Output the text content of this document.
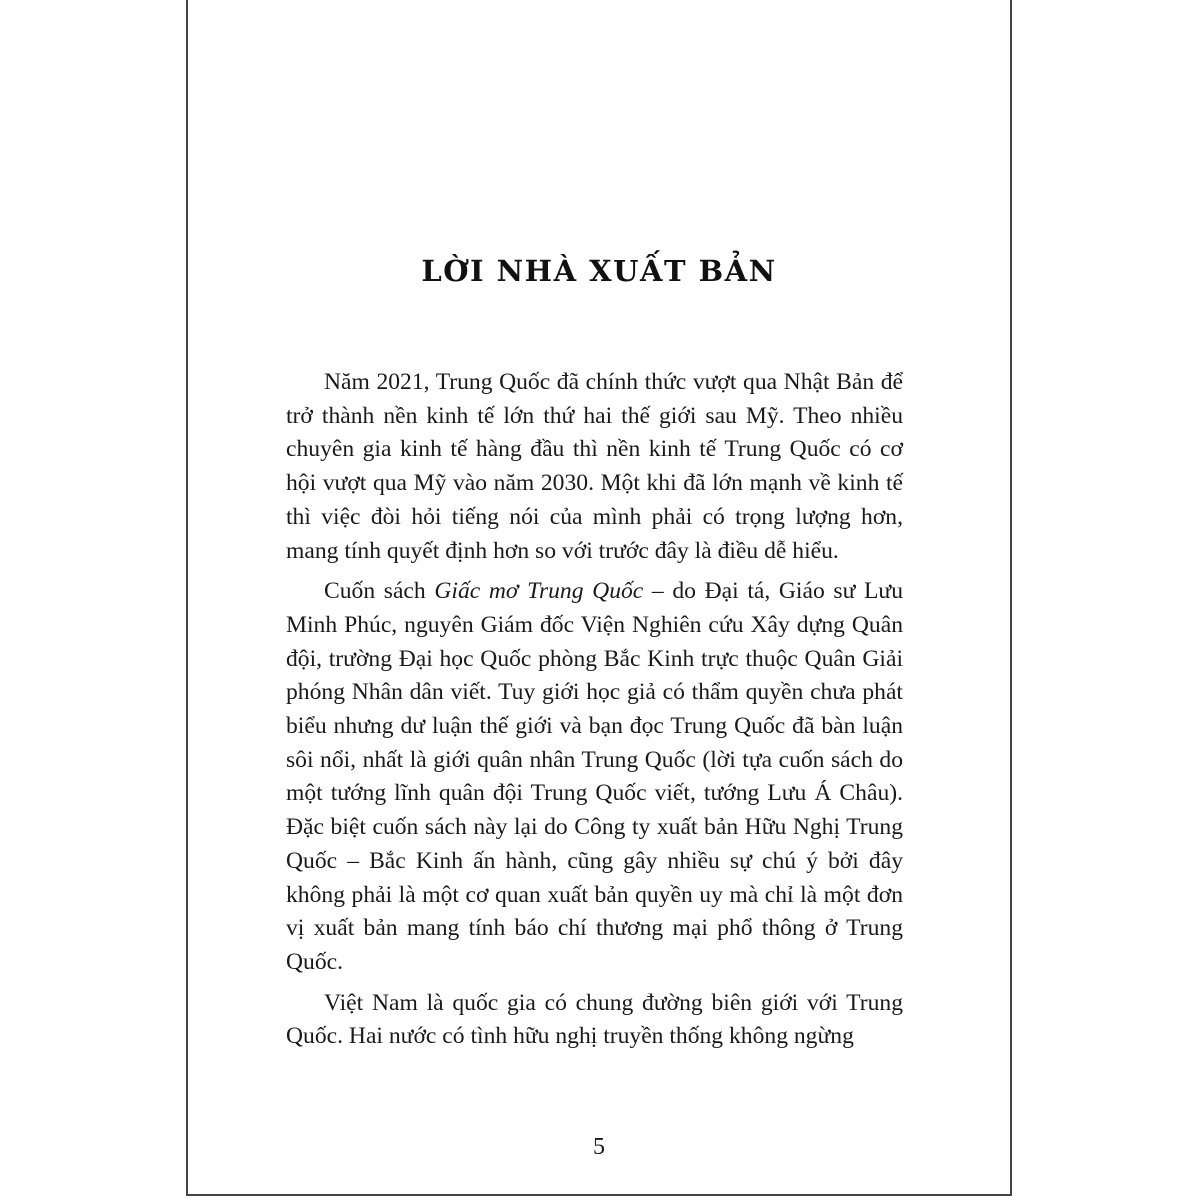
LỜI NHÀ XUẤT BẢN

Năm 2021, Trung Quốc đã chính thức vượt qua Nhật Bản để trở thành nền kinh tế lớn thứ hai thế giới sau Mỹ. Theo nhiều chuyên gia kinh tế hàng đầu thì nền kinh tế Trung Quốc có cơ hội vượt qua Mỹ vào năm 2030. Một khi đã lớn mạnh về kinh tế thì việc đòi hỏi tiếng nói của mình phải có trọng lượng hơn, mang tính quyết định hơn so với trước đây là điều dễ hiểu.

Cuốn sách Giấc mơ Trung Quốc – do Đại tá, Giáo sư Lưu Minh Phúc, nguyên Giám đốc Viện Nghiên cứu Xây dựng Quân đội, trường Đại học Quốc phòng Bắc Kinh trực thuộc Quân Giải phóng Nhân dân viết. Tuy giới học giả có thẩm quyền chưa phát biểu nhưng dư luận thế giới và bạn đọc Trung Quốc đã bàn luận sôi nổi, nhất là giới quân nhân Trung Quốc (lời tựa cuốn sách do một tướng lĩnh quân đội Trung Quốc viết, tướng Lưu Á Châu). Đặc biệt cuốn sách này lại do Công ty xuất bản Hữu Nghị Trung Quốc – Bắc Kinh ấn hành, cũng gây nhiều sự chú ý bởi đây không phải là một cơ quan xuất bản quyền uy mà chỉ là một đơn vị xuất bản mang tính báo chí thương mại phổ thông ở Trung Quốc.

Việt Nam là quốc gia có chung đường biên giới với Trung Quốc. Hai nước có tình hữu nghị truyền thống không ngừng

5
